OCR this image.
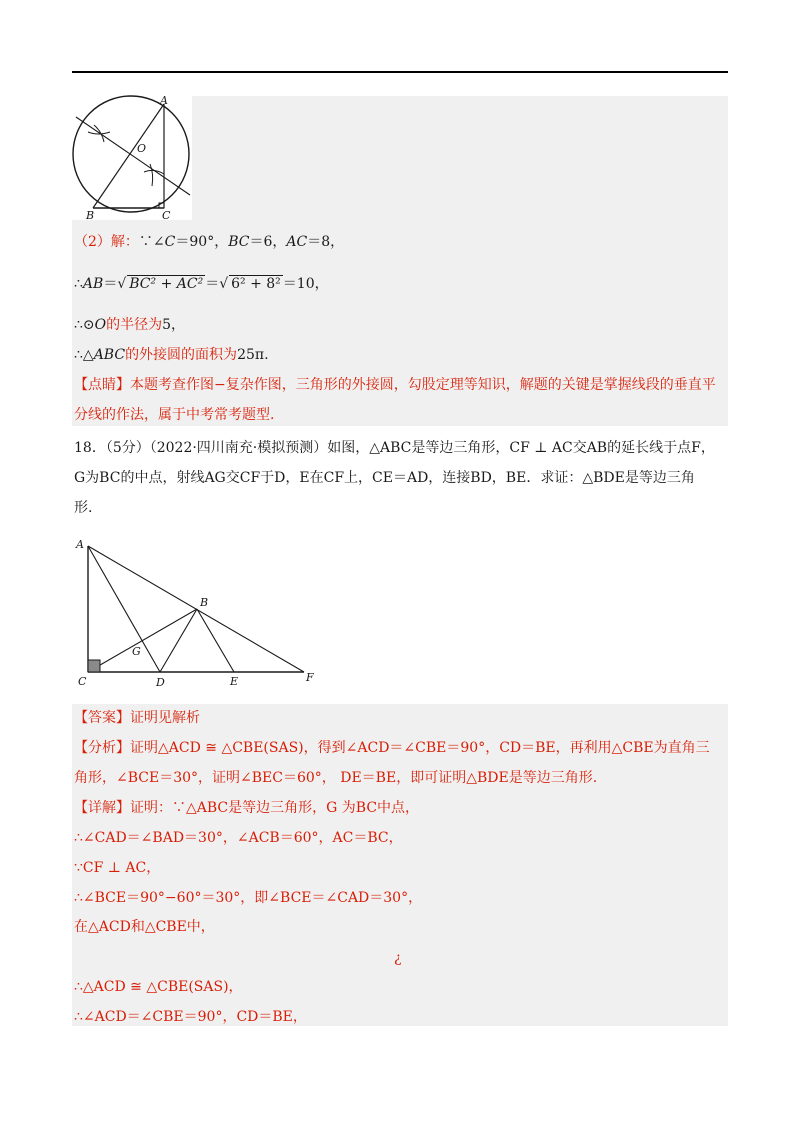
A
O
B	C
（2）解：∵∠C＝90°，BC＝6，AC＝8，
∴AB＝√ BC² + AC² ＝√ 6² + 8² ＝10，
∴⊙O的半径为5，
∴△ABC的外接圆的面积为25π.
【点睛】本题考查作图−复杂作图，三角形的外接圆，勾股定理等知识，解题的关键是掌握线段的垂直平
分线的作法，属于中考常考题型.
18．（5分）（2022·四川南充·模拟预测）如图，△ABC是等边三角形，CF ⊥ AC交AB的延长线于点F，
G为BC的中点，射线AG交CF于D，E在CF上，CE＝AD，连接BD，BE．求证：△BDE是等边三角
形.
A
B
G
C	D	E	F
【答案】证明见解析
【分析】证明△ACD ≅ △CBE(SAS)，得到∠ACD＝∠CBE＝90°，CD＝BE，再利用△CBE为直角三
角形，∠BCE＝30°，证明∠BEC＝60°， DE＝BE，即可证明△BDE是等边三角形.
【详解】证明：∵△ABC是等边三角形，G 为BC中点，
∴∠CAD＝∠BAD＝30°，∠ACB＝60°，AC＝BC，
∵CF ⊥ AC，
∴∠BCE＝90°−60°＝30°，即∠BCE＝∠CAD＝30°，
在△ACD和△CBE中，
¿
∴△ACD ≅ △CBE(SAS)，
∴∠ACD＝∠CBE＝90°，CD＝BE，
